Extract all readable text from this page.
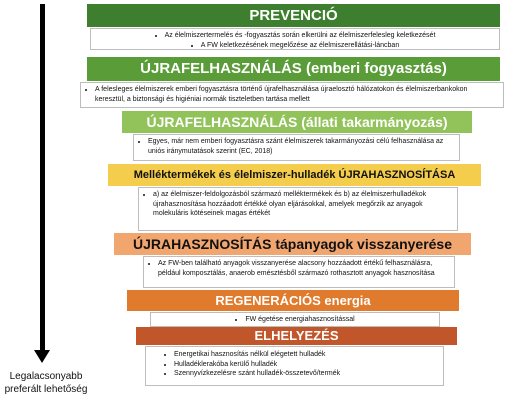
Legalacsonyabb
preferált lehetőség
PREVENCIÓ
• Az élelmiszertermelés és -fogyasztás során elkerülni az élelmiszerfelesleg keletkezését
• A FW keletkezésének megelőzése az élelmiszerellátási-láncban
ÚJRAFELHASZNÁLÁS (emberi fogyasztás)
• A felesleges élelmiszerek emberi fogyasztásra történő újrafelhasználása újraelosztó hálózatokon és élelmiszerbankokon keresztül, a biztonsági és higiéniai normák tiszteletben tartása mellett
ÚJRAFELHASZNÁLÁS (állati takarmányozás)
• Egyes, már nem emberi fogyasztásra szánt élelmiszerek takarmányozási célú felhasználása az uniós iránymutatások szerint (EC, 2018)
Melléktermékek és élelmiszer-hulladék ÚJRAHASZNOSÍTÁSA
• a) az élelmiszer-feldolgozásból származó melléktermékek és b) az élelmiszerhulladékok újrahasznosítása hozzáadott értékké olyan eljárásokkal, amelyek megőrzik az anyagok molekuláris kötéseinek magas értékét
ÚJRAHASZNOSÍTÁS tápanyagok visszanyerése
• Az FW-ben található anyagok visszanyerése alacsony hozzáadott értékű felhasználásra, például komposztálás, anaerob emésztésből származó rothasztott anyagok hasznosítása
REGENERÁCIÓS energia
• FW égetése energiahasznosítással
ELHELYEZÉS
• Energetikai hasznosítás nélkül elégetett hulladék
• Hulladéklerakóba kerülő hulladék
• Szennyvízkezelésre szánt hulladék-összetevő/termék
